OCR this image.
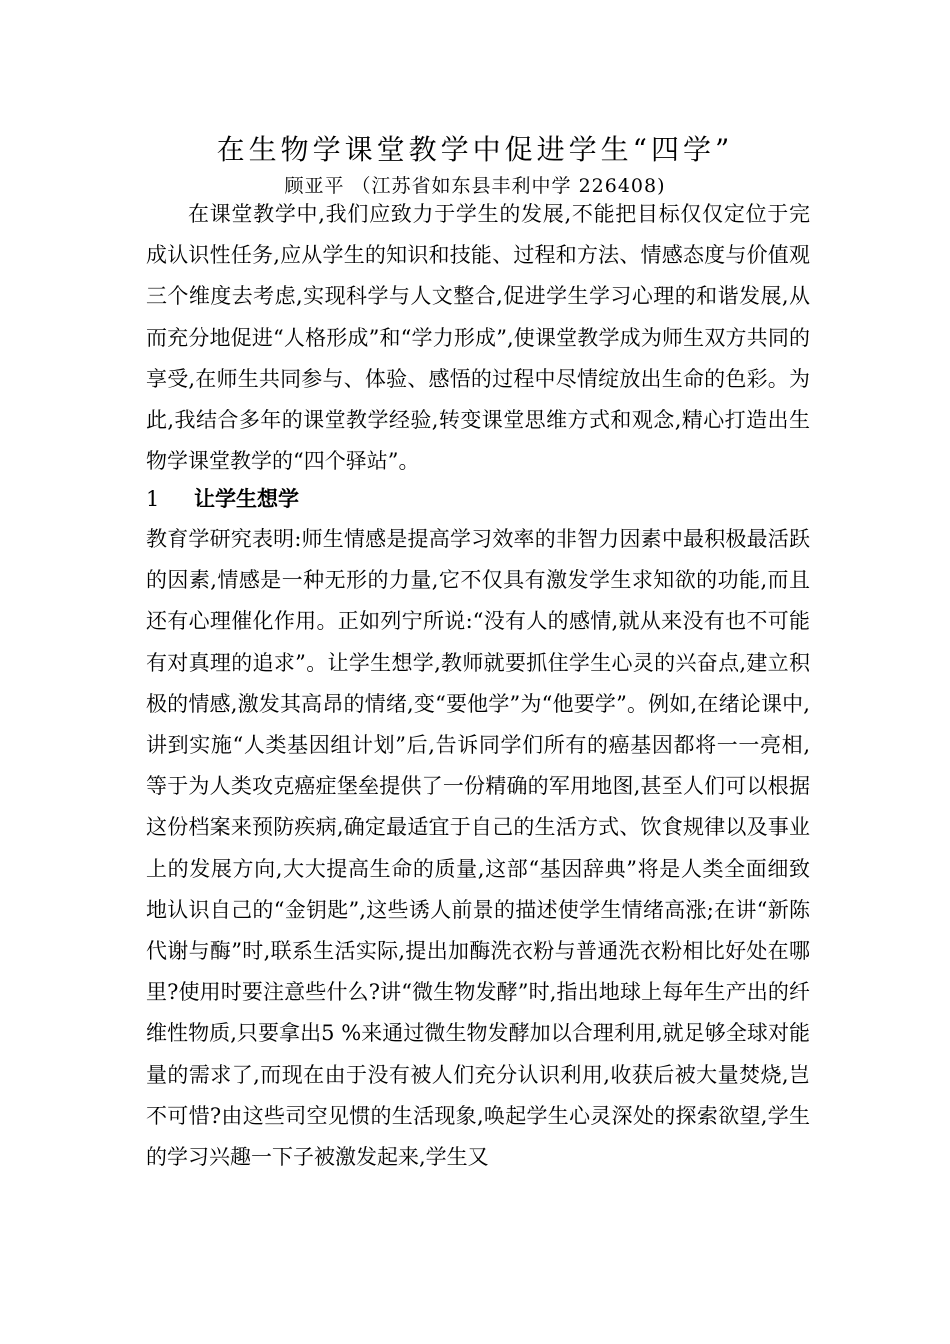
在生物学课堂教学中促进学生“四学”
顾亚平 （江苏省如东县丰利中学 226408)

在课堂教学中,我们应致力于学生的发展,不能把目标仅仅定位于完成认识性任务,应从学生的知识和技能、过程和方法、情感态度与价值观三个维度去考虑,实现科学与人文整合,促进学生学习心理的和谐发展,从而充分地促进“人格形成”和“学力形成”,使课堂教学成为师生双方共同的享受,在师生共同参与、体验、感悟的过程中尽情绽放出生命的色彩。为此,我结合多年的课堂教学经验,转变课堂思维方式和观念,精心打造出生物学课堂教学的“四个驿站”。

1 让学生想学

教育学研究表明:师生情感是提高学习效率的非智力因素中最积极最活跃的因素,情感是一种无形的力量,它不仅具有激发学生求知欲的功能,而且还有心理催化作用。正如列宁所说:“没有人的感情,就从来没有也不可能有对真理的追求”。让学生想学,教师就要抓住学生心灵的兴奋点,建立积极的情感,激发其高昂的情绪,变“要他学”为“他要学”。例如,在绪论课中,讲到实施“人类基因组计划”后,告诉同学们所有的癌基因都将一一亮相,等于为人类攻克癌症堡垒提供了一份精确的军用地图,甚至人们可以根据这份档案来预防疾病,确定最适宜于自己的生活方式、饮食规律以及事业上的发展方向,大大提高生命的质量,这部“基因辞典”将是人类全面细致地认识自己的“金钥匙”,这些诱人前景的描述使学生情绪高涨;在讲“新陈代谢与酶”时,联系生活实际,提出加酶洗衣粉与普通洗衣粉相比好处在哪里?使用时要注意些什么?讲“微生物发酵”时,指出地球上每年生产出的纤维性物质,只要拿出5 %来通过微生物发酵加以合理利用,就足够全球对能量的需求了,而现在由于没有被人们充分认识利用,收获后被大量焚烧,岂不可惜?由这些司空见惯的生活现象,唤起学生心灵深处的探索欲望,学生的学习兴趣一下子被激发起来,学生又
